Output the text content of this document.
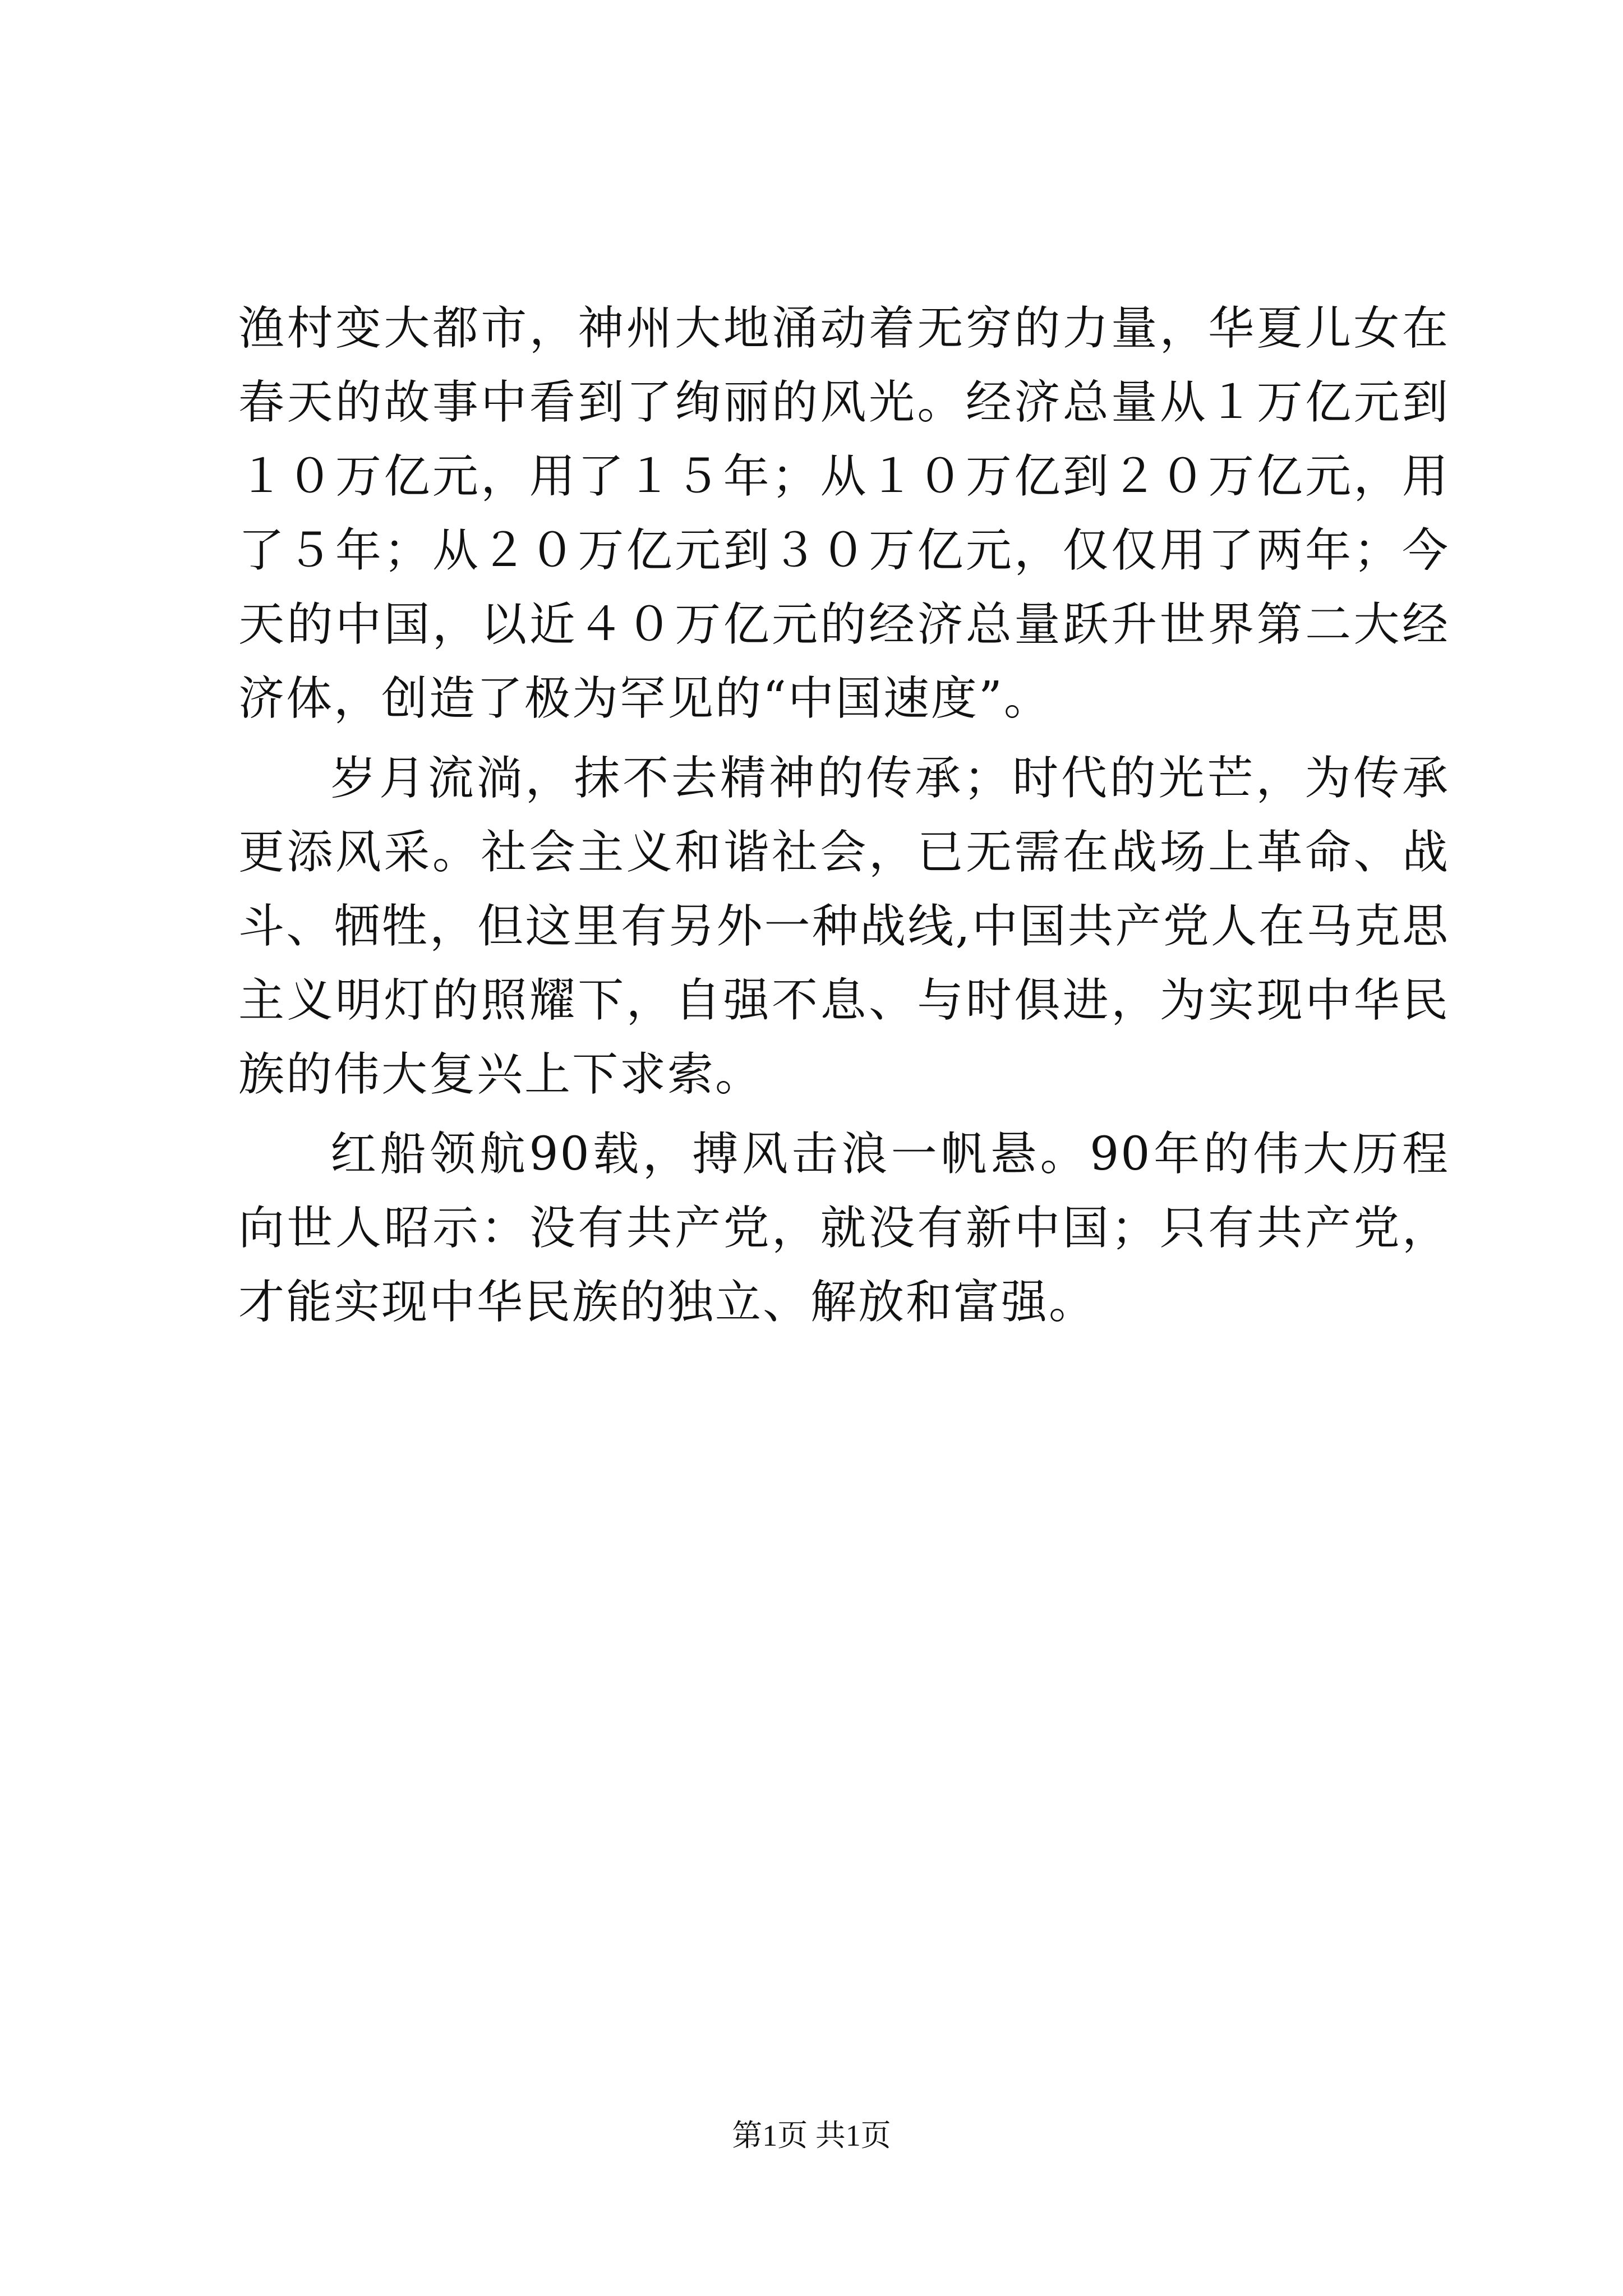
渔村变大都市，神州大地涌动着无穷的力量，华夏儿女在春天的故事中看到了绚丽的风光。经济总量从１万亿元到１０万亿元，用了１５年；从１０万亿到２０万亿元，用了５年；从２０万亿元到３０万亿元，仅仅用了两年；今天的中国，以近４０万亿元的经济总量跃升世界第二大经济体，创造了极为罕见的“中国速度”。

岁月流淌，抹不去精神的传承；时代的光芒，为传承更添风采。社会主义和谐社会，已无需在战场上革命、战斗、牺牲，但这里有另外一种战线,中国共产党人在马克思主义明灯的照耀下，自强不息、与时俱进，为实现中华民族的伟大复兴上下求索。

红船领航90载，搏风击浪一帆悬。90年的伟大历程向世人昭示：没有共产党，就没有新中国；只有共产党，才能实现中华民族的独立、解放和富强。

第1页 共1页
